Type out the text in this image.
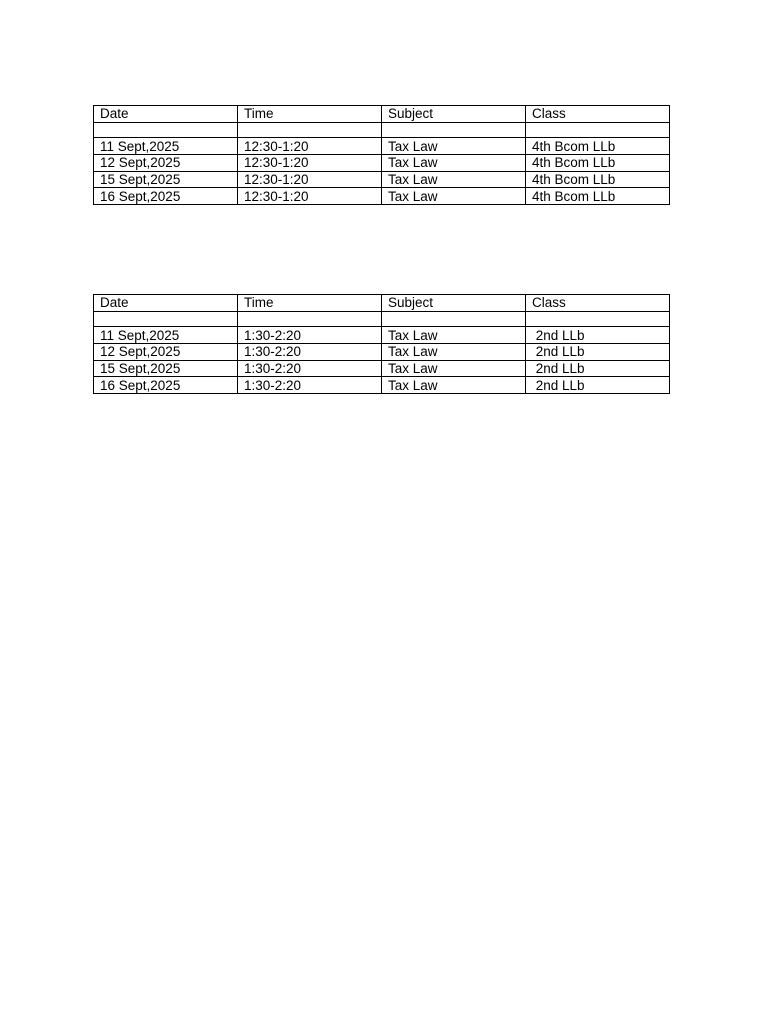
Date	Time	Subject	Class

11 Sept,2025	12:30-1:20	Tax Law	4th Bcom LLb
12 Sept,2025	12:30-1:20	Tax Law	4th Bcom LLb
15 Sept,2025	12:30-1:20	Tax Law	4th Bcom LLb
16 Sept,2025	12:30-1:20	Tax Law	4th Bcom LLb
Date	Time	Subject	Class

11 Sept,2025	1:30-2:20	Tax Law	2nd LLb
12 Sept,2025	1:30-2:20	Tax Law	2nd LLb
15 Sept,2025	1:30-2:20	Tax Law	2nd LLb
16 Sept,2025	1:30-2:20	Tax Law	2nd LLb
